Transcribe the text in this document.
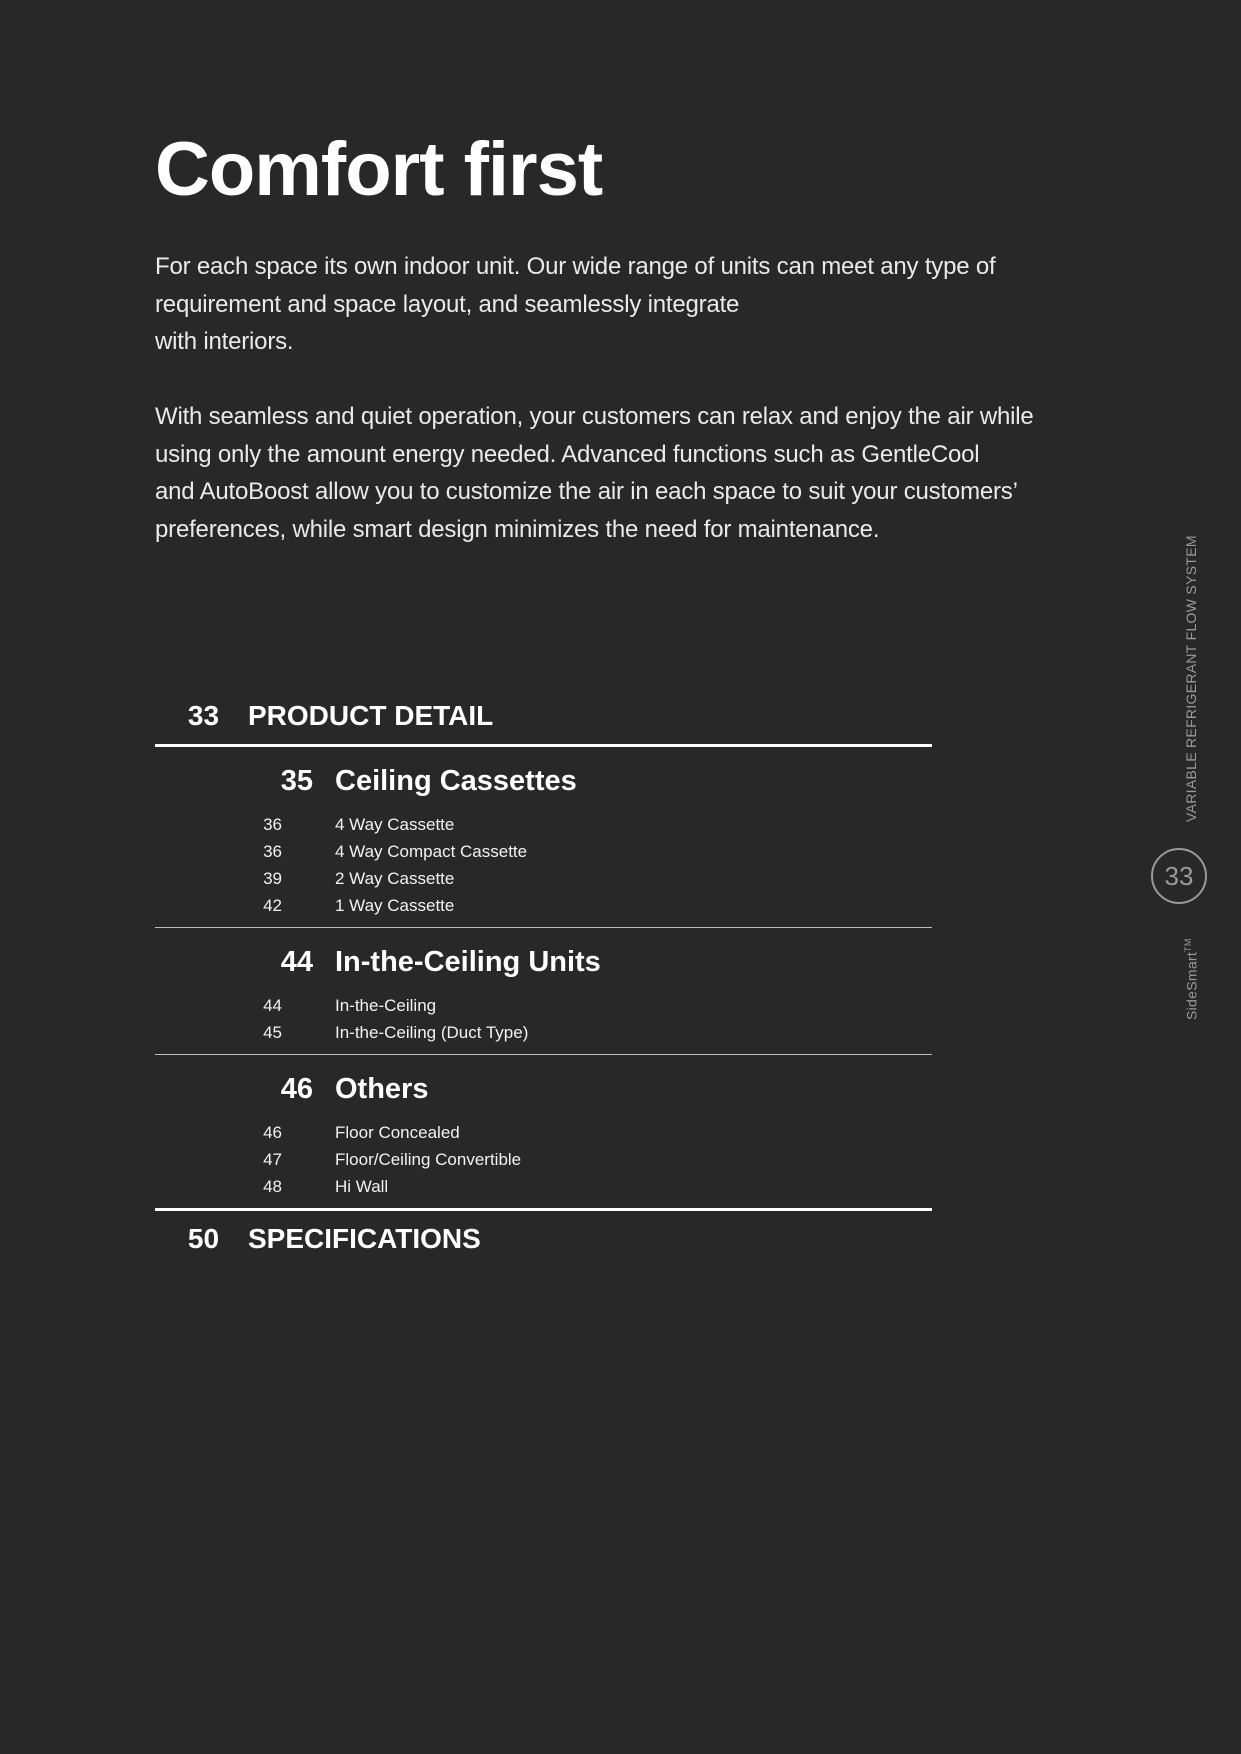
Comfort first

For each space its own indoor unit. Our wide range of units can meet any type of
requirement and space layout, and seamlessly integrate
with interiors.

With seamless and quiet operation, your customers can relax and enjoy the air while
using only the amount energy needed. Advanced functions such as GentleCool
and AutoBoost allow you to customize the air in each space to suit your customers’
preferences, while smart design minimizes the need for maintenance.

33	PRODUCT DETAIL
35 Ceiling Cassettes
36	4 Way Cassette
36	4 Way Compact Cassette
39	2 Way Cassette
42	1 Way Cassette
44 In-the-Ceiling Units
44	In-the-Ceiling
45	In-the-Ceiling (Duct Type)
46 Others
46	Floor Concealed
47	Floor/Ceiling Convertible
48	Hi Wall
50	SPECIFICATIONS
VARIABLE REFRIGERANT FLOW SYSTEM
33
SideSmart™
